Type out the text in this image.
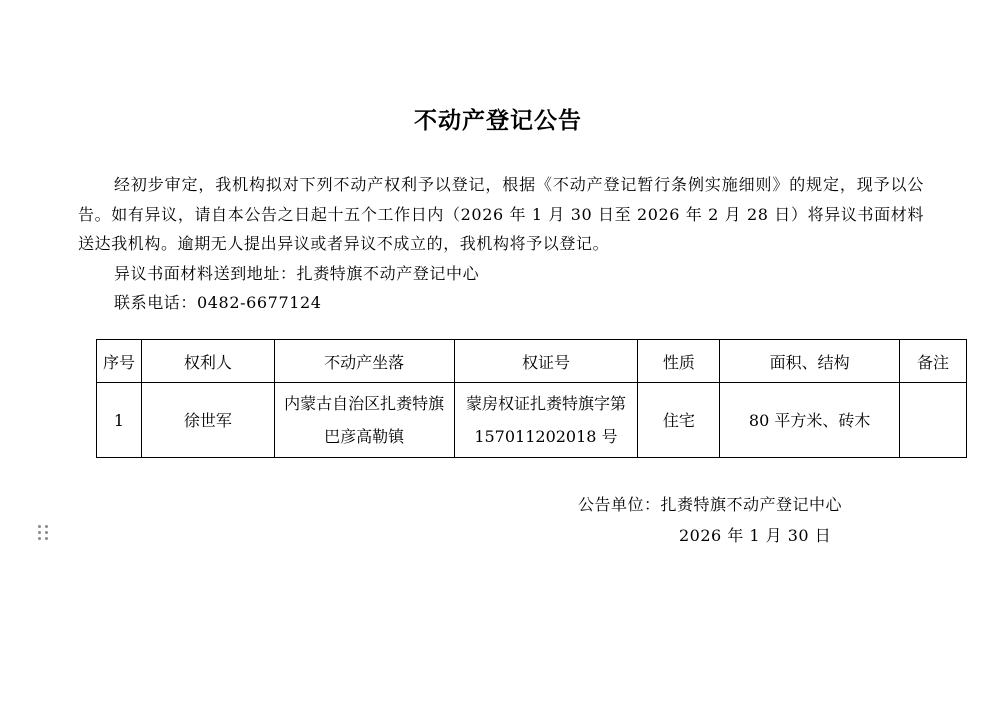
不动产登记公告

经初步审定，我机构拟对下列不动产权利予以登记，根据《不动产登记暂行条例实施细则》的规定，现予以公告。如有异议，请自本公告之日起十五个工作日内（2026 年 1 月 30 日至 2026 年 2 月 28 日）将异议书面材料送达我机构。逾期无人提出异议或者异议不成立的，我机构将予以登记。

异议书面材料送到地址：扎赉特旗不动产登记中心

联系电话：0482-6677124

序号	权利人	不动产坐落	权证号	性质	面积、结构	备注
1	徐世军	内蒙古自治区扎赉特旗巴彦高勒镇	蒙房权证扎赉特旗字第 157011202018 号	住宅	80 平方米、砖木	
公告单位：扎赉特旗不动产登记中心
2026 年 1 月 30 日
